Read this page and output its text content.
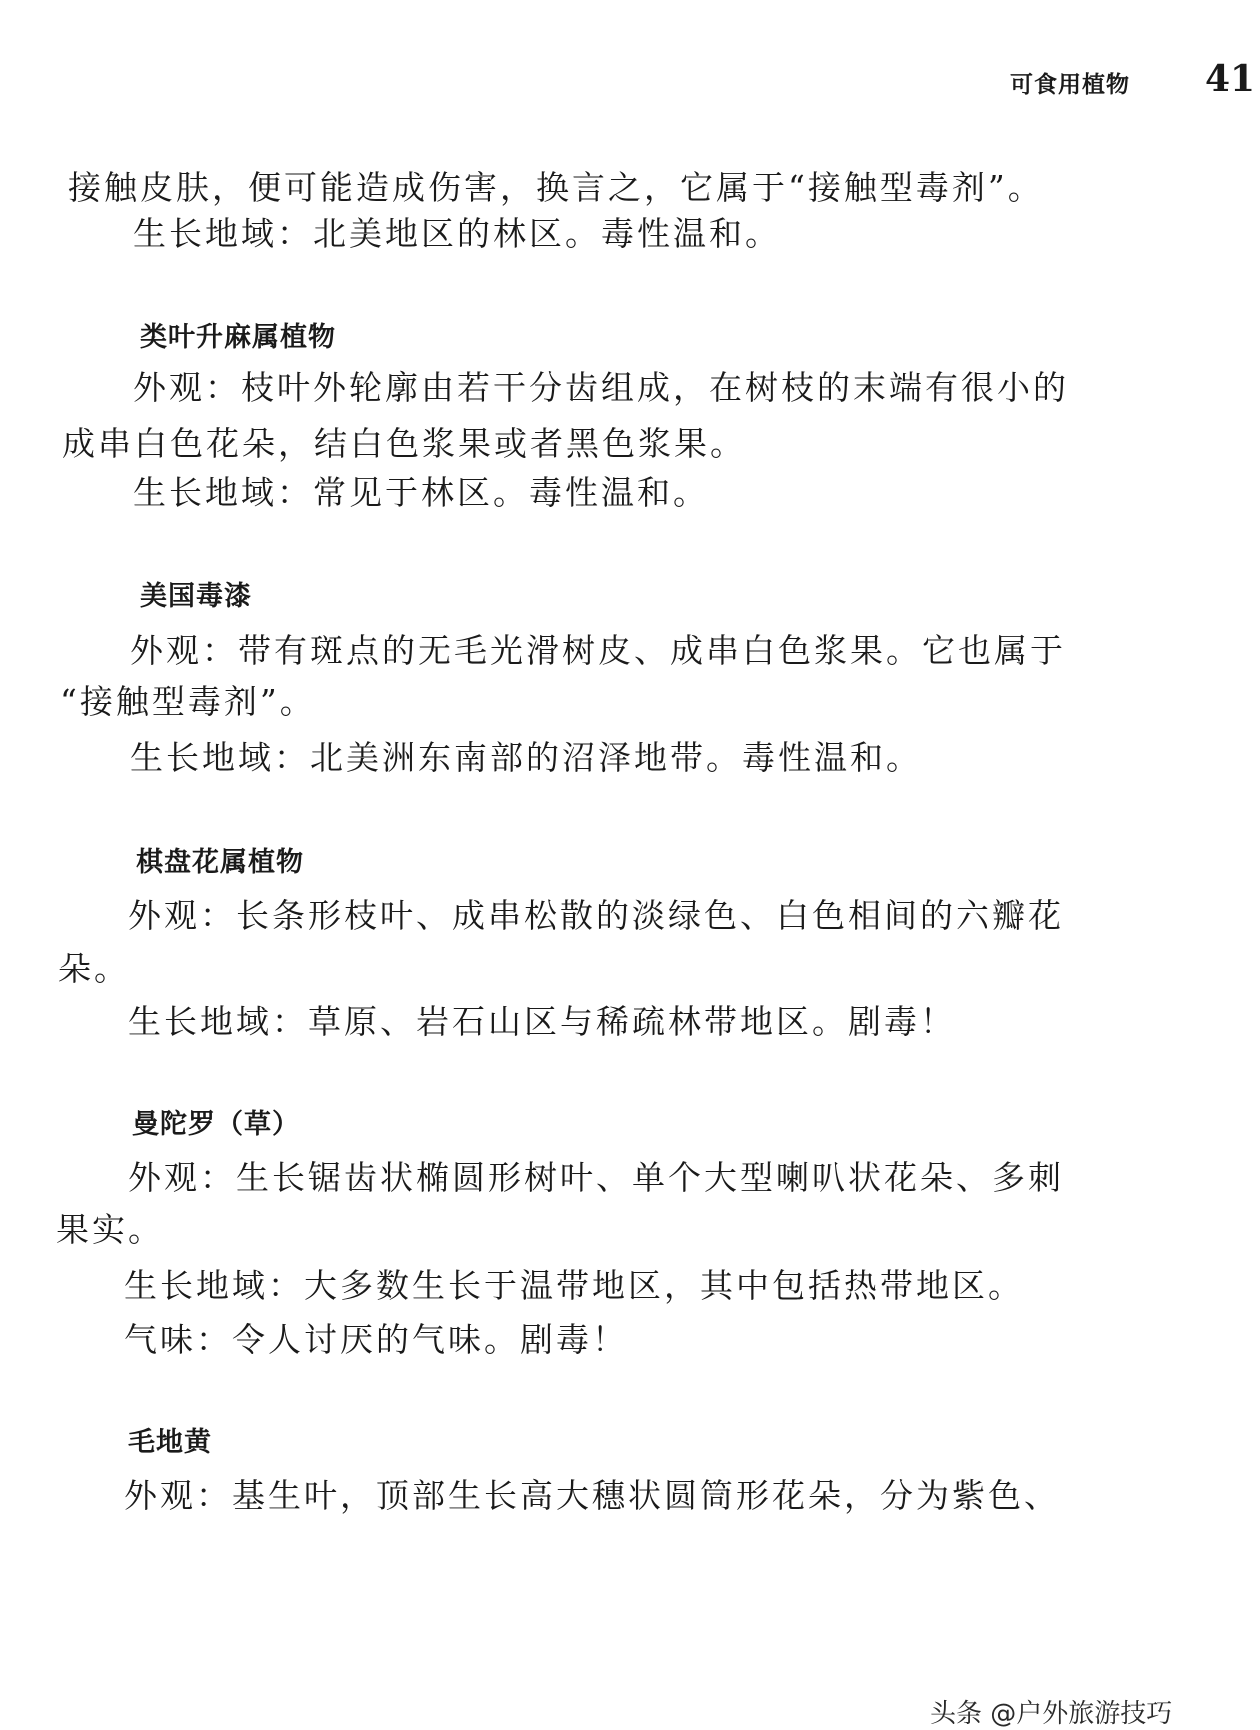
可食用植物 41
接触皮肤，便可能造成伤害，换言之，它属于“接触型毒剂”。
生长地域：北美地区的林区。毒性温和。
类叶升麻属植物
外观：枝叶外轮廓由若干分齿组成，在树枝的末端有很小的
成串白色花朵，结白色浆果或者黑色浆果。
生长地域：常见于林区。毒性温和。
美国毒漆
外观：带有斑点的无毛光滑树皮、成串白色浆果。它也属于
“接触型毒剂”。
生长地域：北美洲东南部的沼泽地带。毒性温和。
棋盘花属植物
外观：长条形枝叶、成串松散的淡绿色、白色相间的六瓣花
朵。
生长地域：草原、岩石山区与稀疏林带地区。剧毒！
曼陀罗（草）
外观：生长锯齿状椭圆形树叶、单个大型喇叭状花朵、多刺
果实。
生长地域：大多数生长于温带地区，其中包括热带地区。
气味：令人讨厌的气味。剧毒！
毛地黄
外观：基生叶，顶部生长高大穗状圆筒形花朵，分为紫色、
头条 @户外旅游技巧
